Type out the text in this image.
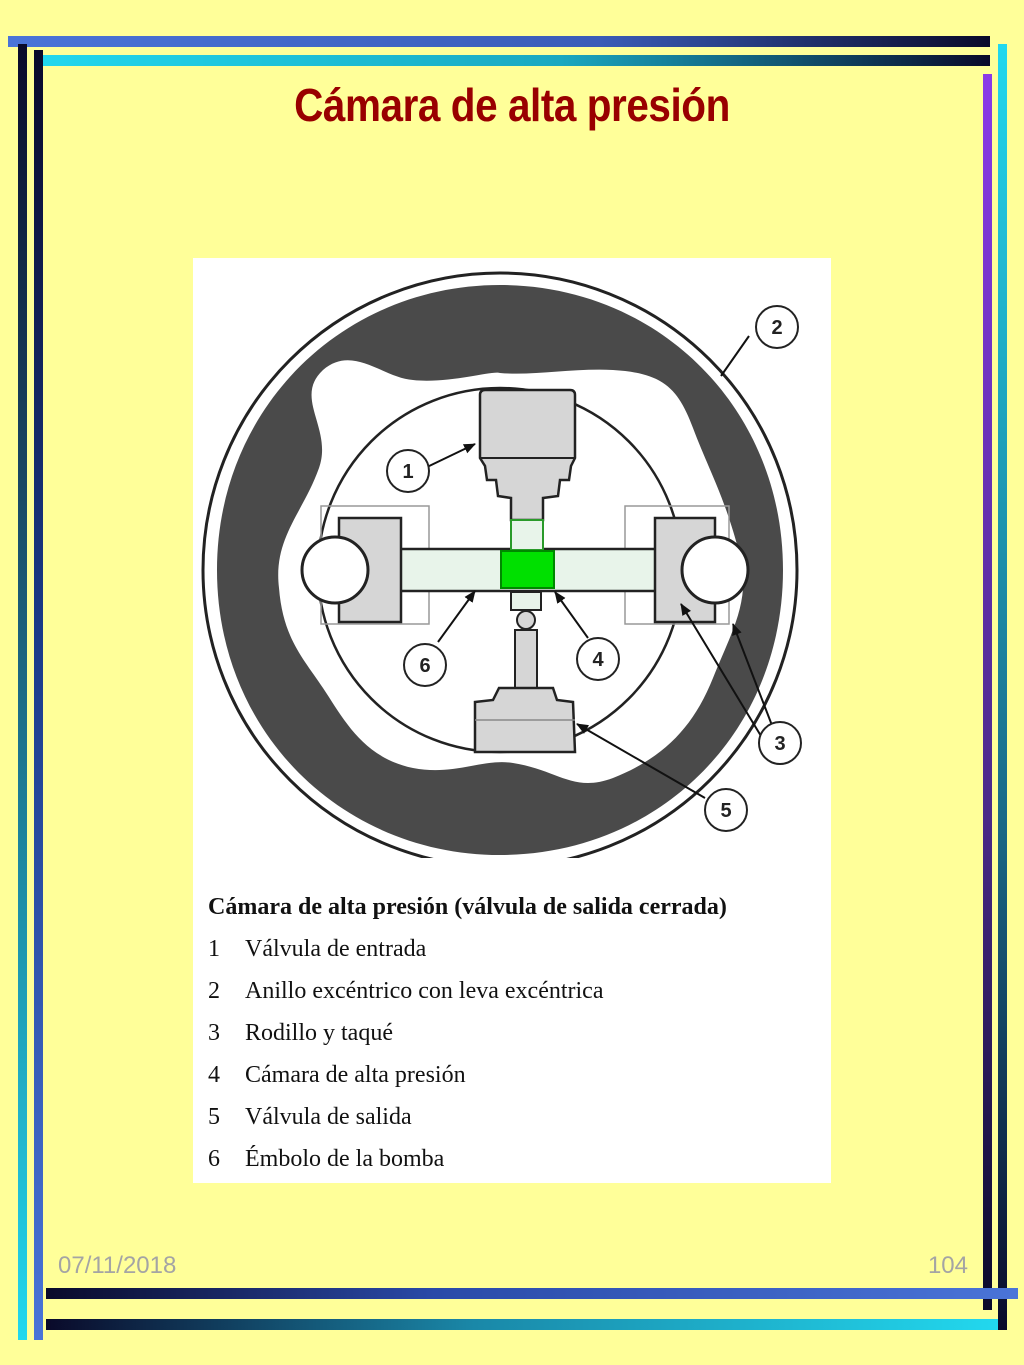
Cámara de alta presión
1
2
3
4
5
6
Cámara de alta presión (válvula de salida cerrada)
1	Válvula de entrada
2	Anillo excéntrico con leva excéntrica
3	Rodillo y taqué
4	Cámara de alta presión
5	Válvula de salida
6	Émbolo de la bomba
07/11/2018	104
